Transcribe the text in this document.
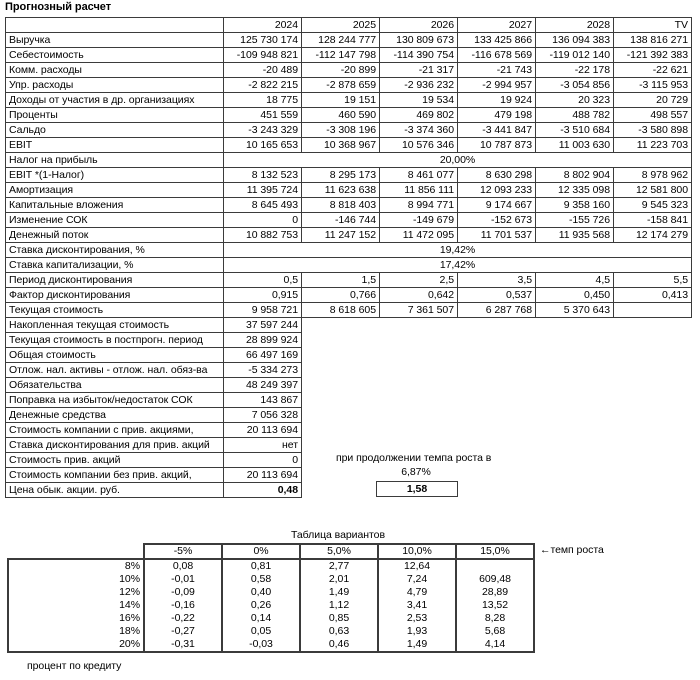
Прогнозный расчет
	2024	2025	2026	2027	2028	TV
Выручка	125 730 174	128 244 777	130 809 673	133 425 866	136 094 383	138 816 271
Себестоимость	-109 948 821	-112 147 798	-114 390 754	-116 678 569	-119 012 140	-121 392 383
Комм. расходы	-20 489	-20 899	-21 317	-21 743	-22 178	-22 621
Упр. расходы	-2 822 215	-2 878 659	-2 936 232	-2 994 957	-3 054 856	-3 115 953
Доходы от участия в др. организациях	18 775	19 151	19 534	19 924	20 323	20 729
Проценты	451 559	460 590	469 802	479 198	488 782	498 557
Сальдо	-3 243 329	-3 308 196	-3 374 360	-3 441 847	-3 510 684	-3 580 898
EBIT	10 165 653	10 368 967	10 576 346	10 787 873	11 003 630	11 223 703
Налог на прибыль	20,00%					
EBIT *(1-Налог)	8 132 523	8 295 173	8 461 077	8 630 298	8 802 904	8 978 962
Амортизация	11 395 724	11 623 638	11 856 111	12 093 233	12 335 098	12 581 800
Капитальные вложения	8 645 493	8 818 403	8 994 771	9 174 667	9 358 160	9 545 323
Изменение СОК	0	-146 744	-149 679	-152 673	-155 726	-158 841
Денежный поток	10 882 753	11 247 152	11 472 095	11 701 537	11 935 568	12 174 279
Ставка дисконтирования, %	19,42%					
Ставка капитализации, %	17,42%					
Период дисконтирования	0,5	1,5	2,5	3,5	4,5	5,5
Фактор дисконтирования	0,915	0,766	0,642	0,537	0,450	0,413
Текущая стоимость	9 958 721	8 618 605	7 361 507	6 287 768	5 370 643	
Накопленная текущая стоимость	37 597 244
Текущая стоимость в постпрогн. период	28 899 924
Общая стоимость	66 497 169
Отлож. нал. активы - отлож. нал. обяз-ва	-5 334 273
Обязательства	48 249 397
Поправка на избыток/недостаток СОК	143 867
Денежные средства	7 056 328
Стоимость компании с прив. акциями,	20 113 694
Ставка дисконтирования для прив. акций	нет
Стоимость прив. акций	0
Стоимость компании без прив. акций,	20 113 694
Цена обык. акции. руб.	0,48
при продолжении темпа роста в
6,87%
1,58
Таблица вариантов
	-5%	0%	5,0%	10,0%	15,0%
8%	0,08	0,81	2,77	12,64	
10%	-0,01	0,58	2,01	7,24	609,48
12%	-0,09	0,40	1,49	4,79	28,89
14%	-0,16	0,26	1,12	3,41	13,52
16%	-0,22	0,14	0,85	2,53	8,28
18%	-0,27	0,05	0,63	1,93	5,68
20%	-0,31	-0,03	0,46	1,49	4,14
←темп роста
процент по кредиту
